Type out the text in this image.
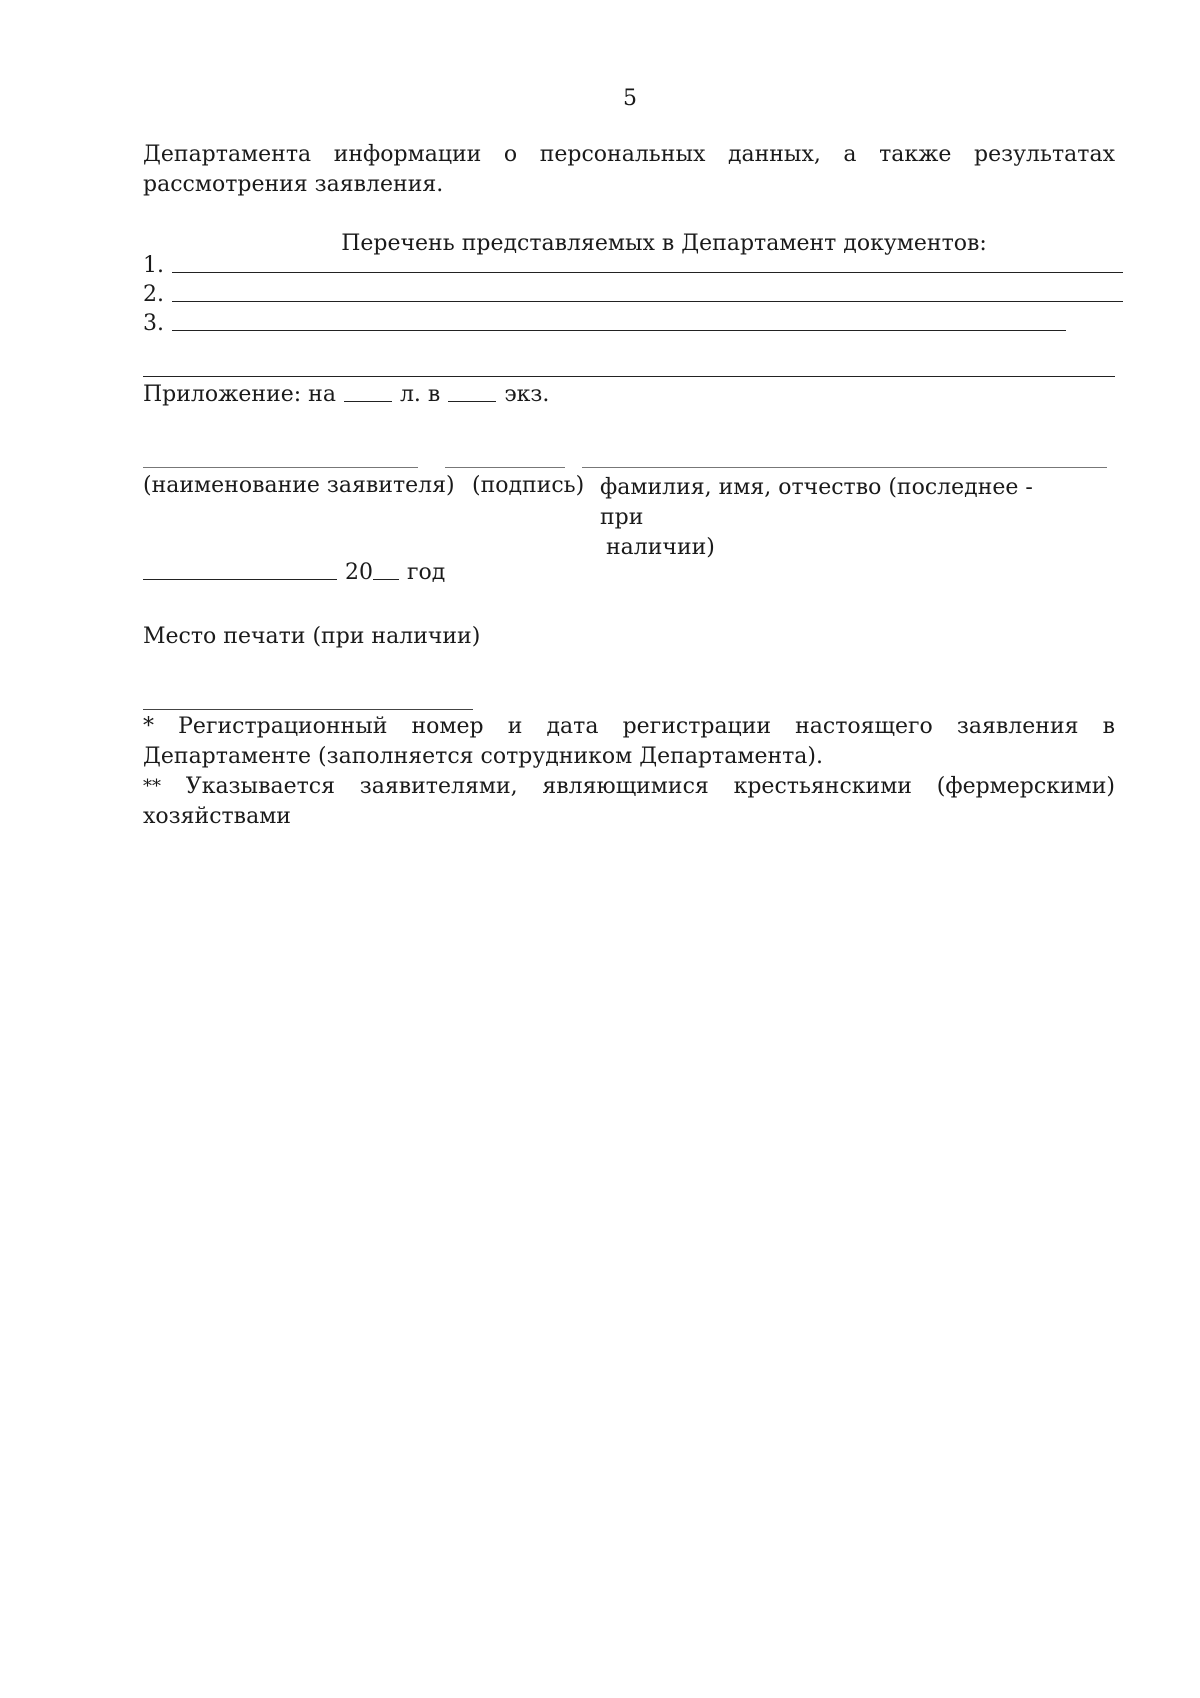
5
Департамента информации о персональных данных, а также результатах рассмотрения заявления.
Перечень представляемых в Департамент документов:
1.
2.
3.
Приложение: на	л. в	экз.
(наименование заявителя) (подпись) фамилия, имя, отчество (последнее - при
наличии)
20 год
Место печати (при наличии)
* Регистрационный номер и дата регистрации настоящего заявления в Департаменте (заполняется сотрудником Департамента).
** Указывается заявителями, являющимися крестьянскими (фермерскими)
хозяйствами
